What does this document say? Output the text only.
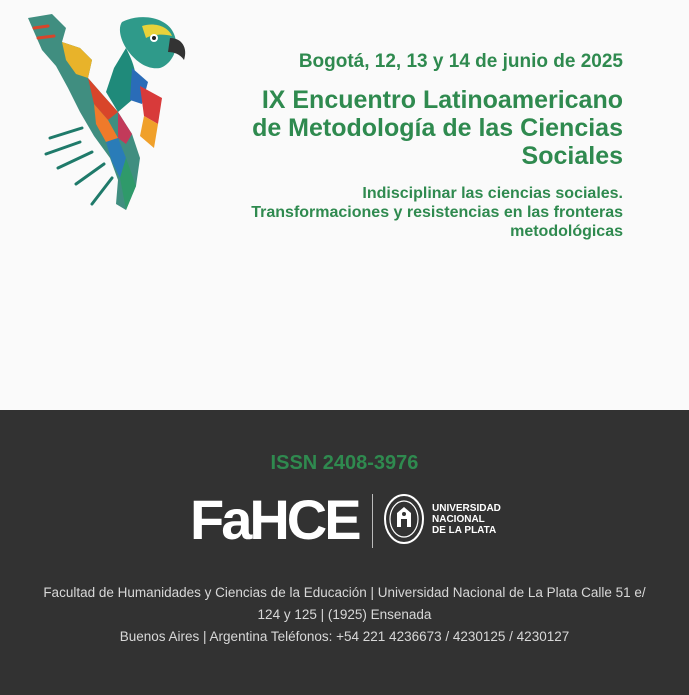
Bogotá, 12, 13 y 14 de junio de 2025

IX Encuentro Latinoamericano
de Metodología de las Ciencias
Sociales

Indisciplinar las ciencias sociales.
Transformaciones y resistencias en las fronteras
metodológicas

ISSN 2408-3976
FaHCE	UNIVERSIDAD
NACIONAL
DE LA PLATA
Facultad de Humanidades y Ciencias de la Educación | Universidad Nacional de La Plata Calle 51 e/
124 y 125 | (1925) Ensenada
Buenos Aires | Argentina Teléfonos: +54 221 4236673 / 4230125 / 4230127
